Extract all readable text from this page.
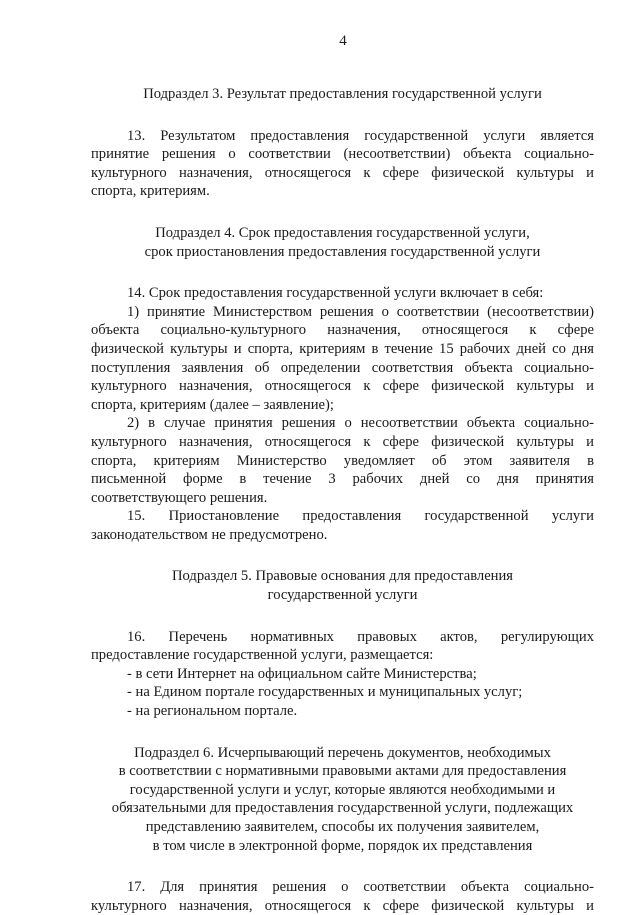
4

Подраздел 3. Результат предоставления государственной услуги

13. Результатом предоставления государственной услуги является
принятие решения о соответствии (несоответствии) объекта социально-
культурного назначения, относящегося к сфере физической культуры и
спорта, критериям.

Подраздел 4. Срок предоставления государственной услуги,
срок приостановления предоставления государственной услуги

14. Срок предоставления государственной услуги включает в себя:

1) принятие Министерством решения о соответствии (несоответствии)
объекта социально-культурного назначения, относящегося к сфере
физической культуры и спорта, критериям в течение 15 рабочих дней со дня
поступления заявления об определении соответствия объекта социально-
культурного назначения, относящегося к сфере физической культуры и
спорта, критериям (далее – заявление);

2) в случае принятия решения о несоответствии объекта социально-
культурного назначения, относящегося к сфере физической культуры и
спорта, критериям Министерство уведомляет об этом заявителя в
письменной форме в течение 3 рабочих дней со дня принятия
соответствующего решения.

15. Приостановление предоставления государственной услуги
законодательством не предусмотрено.

Подраздел 5. Правовые основания для предоставления
государственной услуги

16. Перечень нормативных правовых актов, регулирующих
предоставление государственной услуги, размещается:

- в сети Интернет на официальном сайте Министерства;

- на Едином портале государственных и муниципальных услуг;

- на региональном портале.

Подраздел 6. Исчерпывающий перечень документов, необходимых
в соответствии с нормативными правовыми актами для предоставления
государственной услуги и услуг, которые являются необходимыми и
обязательными для предоставления государственной услуги, подлежащих
представлению заявителем, способы их получения заявителем,
в том числе в электронной форме, порядок их представления

17. Для принятия решения о соответствии объекта социально-
культурного назначения, относящегося к сфере физической культуры и
